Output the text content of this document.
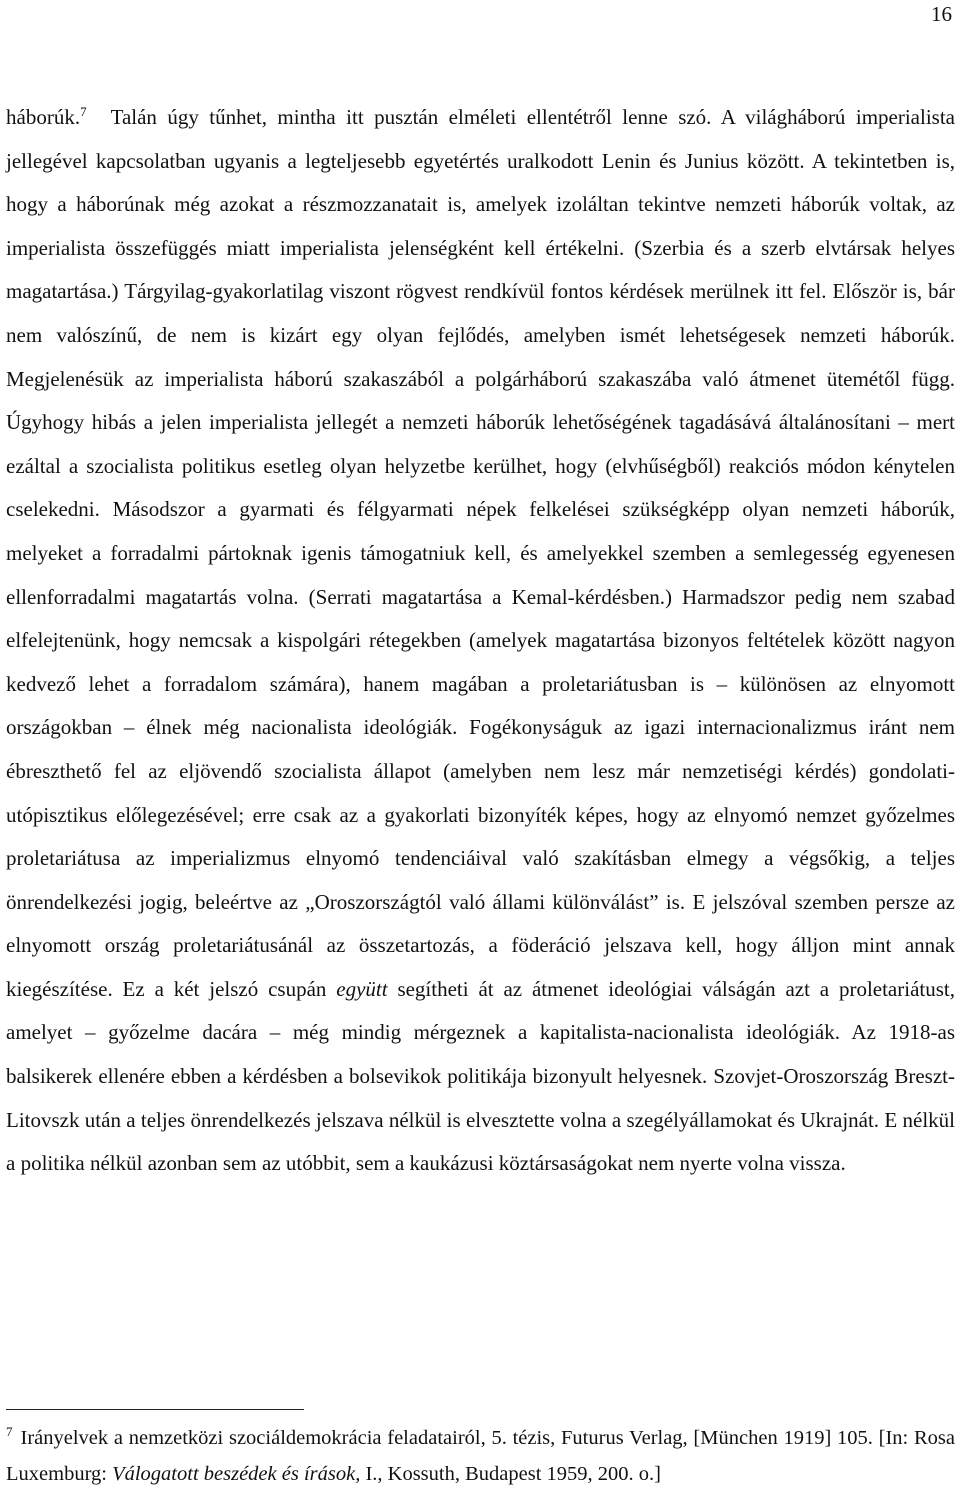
16
háborúk.$^7$ Talán úgy tűnhet, mintha itt pusztán elméleti ellentétről lenne szó. A világháború imperialista jellegével kapcsolatban ugyanis a legteljesebb egyetértés uralkodott Lenin és Junius között. A tekintetben is, hogy a háborúnak még azokat a részmozzanatait is, amelyek izoláltan tekintve nemzeti háborúk voltak, az imperialista összefüggés miatt imperialista jelenségként kell értékelni. (Szerbia és a szerb elvtársak helyes magatartása.) Tárgyilag-gyakorlatilag viszont rögvest rendkívül fontos kérdések merülnek itt fel. Először is, bár nem valószínű, de nem is kizárt egy olyan fejlődés, amelyben ismét lehetségesek nemzeti háborúk. Megjelenésük az imperialista háború szakaszából a polgárháború szakaszába való átmenet ütemétől függ. Úgyhogy hibás a jelen imperialista jellegét a nemzeti háborúk lehetőségének tagadásává általánosítani – mert ezáltal a szocialista politikus esetleg olyan helyzetbe kerülhet, hogy (elvhűségből) reakciós módon kénytelen cselekedni. Másodszor a gyarmati és félgyarmati népek felkelései szükségképp olyan nemzeti háborúk, melyeket a forradalmi pártoknak igenis támogatniuk kell, és amelyekkel szemben a semlegesség egyenesen ellenforradalmi magatartás volna. (Serrati magatartása a Kemal-kérdésben.) Harmadszor pedig nem szabad elfelejtenünk, hogy nemcsak a kispolgári rétegekben (amelyek magatartása bizonyos feltételek között nagyon kedvező lehet a forradalom számára), hanem magában a proletariátusban is – különösen az elnyomott országokban – élnek még nacionalista ideológiák. Fogékonyságuk az igazi internacionalizmus iránt nem ébreszthető fel az eljövendő szocialista állapot (amelyben nem lesz már nemzetiségi kérdés) gondolati-utópisztikus előlegezésével; erre csak az a gyakorlati bizonyíték képes, hogy az elnyomó nemzet győzelmes proletariátusa az imperializmus elnyomó tendenciáival való szakításban elmegy a végsőkig, a teljes önrendelkezési jogig, beleértve az „Oroszországtól való állami különválást” is. E jelszóval szemben persze az elnyomott ország proletariátusánál az összetartozás, a föderáció jelszava kell, hogy álljon mint annak kiegészítése. Ez a két jelszó csupán együtt segítheti át az átmenet ideológiai válságán azt a proletariátust, amelyet – győzelme dacára – még mindig mérgeznek a kapitalista-nacionalista ideológiák. Az 1918-as balsikerek ellenére ebben a kérdésben a bolsevikok politikája bizonyult helyesnek. Szovjet-Oroszország Breszt-Litovszk után a teljes önrendelkezés jelszava nélkül is elvesztette volna a szegélyállamokat és Ukrajnát. E nélkül a politika nélkül azonban sem az utóbbit, sem a kaukázusi köztársaságokat nem nyerte volna vissza.
$^7$ Irányelvek a nemzetközi szociáldemokrácia feladatairól, 5. tézis, Futurus Verlag, [München 1919] 105. [In: Rosa Luxemburg: Válogatott beszédek és írások, I., Kossuth, Budapest 1959, 200. o.]
